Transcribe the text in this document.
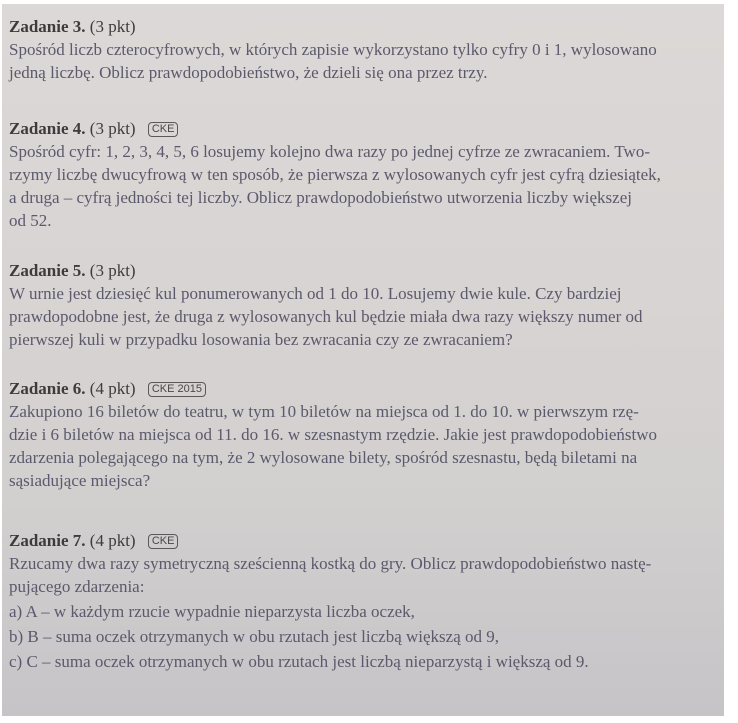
Zadanie 3. (3 pkt)
Spośród liczb czterocyfrowych, w których zapisie wykorzystano tylko cyfry 0 i 1, wylosowano
jedną liczbę. Oblicz prawdopodobieństwo, że dzieli się ona przez trzy.
Zadanie 4. (3 pkt) CKE
Spośród cyfr: 1, 2, 3, 4, 5, 6 losujemy kolejno dwa razy po jednej cyfrze ze zwracaniem. Two-
rzymy liczbę dwucyfrową w ten sposób, że pierwsza z wylosowanych cyfr jest cyfrą dziesiątek,
a druga – cyfrą jedności tej liczby. Oblicz prawdopodobieństwo utworzenia liczby większej
od 52.
Zadanie 5. (3 pkt)
W urnie jest dziesięć kul ponumerowanych od 1 do 10. Losujemy dwie kule. Czy bardziej
prawdopodobne jest, że druga z wylosowanych kul będzie miała dwa razy większy numer od
pierwszej kuli w przypadku losowania bez zwracania czy ze zwracaniem?
Zadanie 6. (4 pkt) CKE 2015
Zakupiono 16 biletów do teatru, w tym 10 biletów na miejsca od 1. do 10. w pierwszym rzę-
dzie i 6 biletów na miejsca od 11. do 16. w szesnastym rzędzie. Jakie jest prawdopodobieństwo
zdarzenia polegającego na tym, że 2 wylosowane bilety, spośród szesnastu, będą biletami na
sąsiadujące miejsca?
Zadanie 7. (4 pkt) CKE
Rzucamy dwa razy symetryczną sześcienną kostką do gry. Oblicz prawdopodobieństwo nastę-
pującego zdarzenia:
a) A – w każdym rzucie wypadnie nieparzysta liczba oczek,
b) B – suma oczek otrzymanych w obu rzutach jest liczbą większą od 9,
c) C – suma oczek otrzymanych w obu rzutach jest liczbą nieparzystą i większą od 9.
